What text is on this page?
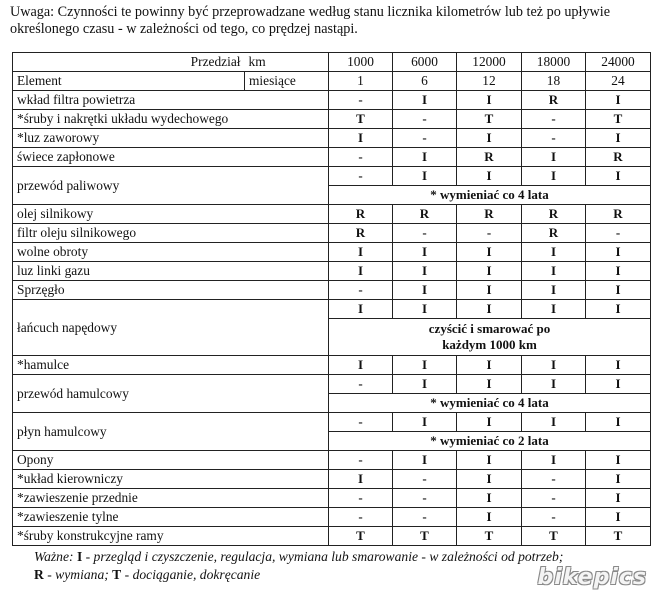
Uwaga: Czynności te powinny być przeprowadzane według stanu licznika kilometrów lub też po upływie określonego czasu - w zależności od tego, co prędzej nastąpi.
Przedział	km	1000	6000	12000	18000	24000
Element	miesiące	1	6	12	18	24
wkład filtra powietrza		-	I	I	R	I
*śruby i nakrętki układu wydechowego		T	-	T	-	T
*luz zaworowy		I	-	I	-	I
świece zapłonowe		-	I	R	I	R
przewód paliwowy		-	I	I	I	I
		* wymieniać co 4 lata				
olej silnikowy		R	R	R	R	R
filtr oleju silnikowego		R	-	-	R	-
wolne obroty		I	I	I	I	I
luz linki gazu		I	I	I	I	I
Sprzęgło		-	I	I	I	I
łańcuch napędowy		I	I	I	I	I

		czyścić i smarować po
każdym 1000 km				

*hamulce		I	I	I	I	I
przewód hamulcowy		-	I	I	I	I
		* wymieniać co 4 lata				
płyn hamulcowy		-	I	I	I	I
		* wymieniać co 2 lata				
Opony		-	I	I	I	I
*układ kierowniczy		I	-	I	-	I
*zawieszenie przednie		-	-	I	-	I
*zawieszenie tylne		-	-	I	-	I
*śruby konstrukcyjne ramy		T	T	T	T	T
Ważne: I - przegląd i czyszczenie, regulacja, wymiana lub smarowanie - w zależności od potrzeb;
R - wymiana; T - dociąganie, dokręcanie	bikepics
